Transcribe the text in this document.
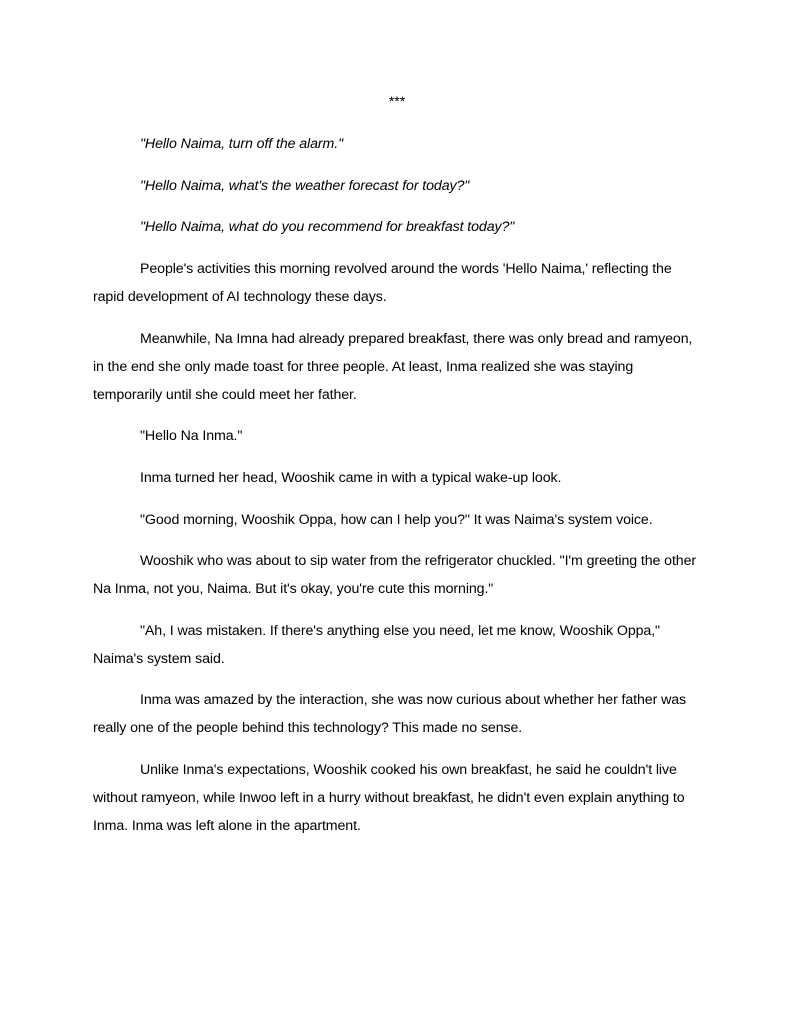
***

"Hello Naima, turn off the alarm."

"Hello Naima, what's the weather forecast for today?"

"Hello Naima, what do you recommend for breakfast today?"

People's activities this morning revolved around the words 'Hello Naima,' reflecting the rapid development of AI technology these days.

Meanwhile, Na Imna had already prepared breakfast, there was only bread and ramyeon, in the end she only made toast for three people. At least, Inma realized she was staying temporarily until she could meet her father.

"Hello Na Inma."

Inma turned her head, Wooshik came in with a typical wake-up look.

"Good morning, Wooshik Oppa, how can I help you?" It was Naima's system voice.

Wooshik who was about to sip water from the refrigerator chuckled. "I'm greeting the other Na Inma, not you, Naima. But it's okay, you're cute this morning."

"Ah, I was mistaken. If there's anything else you need, let me know, Wooshik Oppa," Naima's system said.

Inma was amazed by the interaction, she was now curious about whether her father was really one of the people behind this technology? This made no sense.

Unlike Inma's expectations, Wooshik cooked his own breakfast, he said he couldn't live without ramyeon, while Inwoo left in a hurry without breakfast, he didn't even explain anything to Inma. Inma was left alone in the apartment.
